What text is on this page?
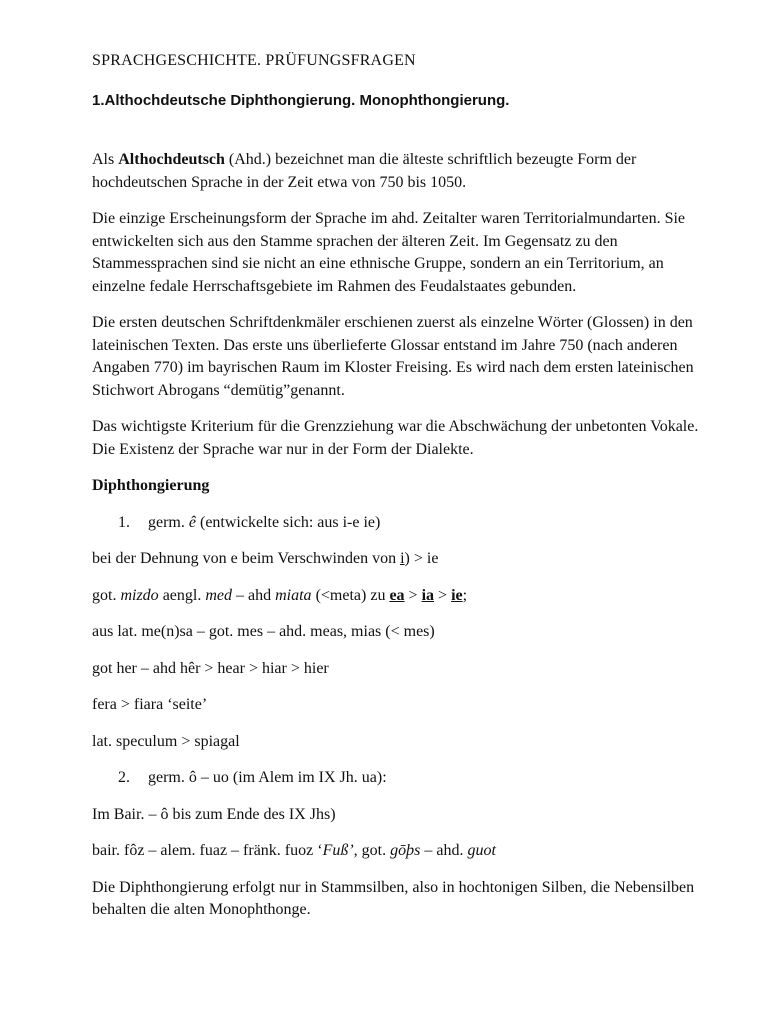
SPRACHGESCHICHTE. PRÜFUNGSFRAGEN
1.Althochdeutsche Diphthongierung. Monophthongierung.

Als Althochdeutsch (Ahd.) bezeichnet man die älteste schriftlich bezeugte Form der hochdeutschen Sprache in der Zeit etwa von 750 bis 1050.

Die einzige Erscheinungsform der Sprache im ahd. Zeitalter waren Territorialmundarten. Sie entwickelten sich aus den Stamme sprachen der älteren Zeit. Im Gegensatz zu den Stammessprachen sind sie nicht an eine ethnische Gruppe, sondern an ein Territorium, an einzelne fedale Herrschaftsgebiete im Rahmen des Feudalstaates gebunden.

Die ersten deutschen Schriftdenkmäler erschienen zuerst als einzelne Wörter (Glossen) in den lateinischen Texten. Das erste uns überlieferte Glossar entstand im Jahre 750 (nach anderen Angaben 770) im bayrischen Raum im Kloster Freising. Es wird nach dem ersten lateinischen Stichwort Abrogans “demütig”genannt.

Das wichtigste Kriterium für die Grenzziehung war die Abschwächung der unbetonten Vokale. Die Existenz der Sprache war nur in der Form der Dialekte.

Diphthongierung

1. germ. ê (entwickelte sich: aus i-e ie)

bei der Dehnung von e beim Verschwinden von i) > ie

got. mizdo aengl. med – ahd miata (<meta) zu ea > ia > ie;

aus lat. me(n)sa – got. mes – ahd. meas, mias (< mes)

got her – ahd hêr > hear > hiar > hier

fera > fiara ‘seite’

lat. speculum > spiagal

2. germ. ô – uo (im Alem im IX Jh. ua):

Im Bair. – ô bis zum Ende des IX Jhs)

bair. fôz – alem. fuaz – fränk. fuoz ‘Fuß’, got. gōþs – ahd. guot

Die Diphthongierung erfolgt nur in Stammsilben, also in hochtonigen Silben, die Nebensilben behalten die alten Monophthonge.
